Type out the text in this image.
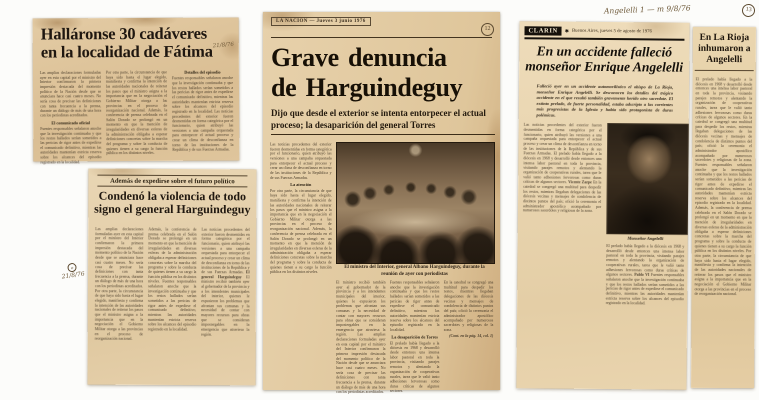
Halláronse 30 cadáveres
en la localidad de Fátima 21/8/76
Las amplias declaraciones formuladas ayer en esta capital por el ministro del Interior confirmaron la primera impresión destacada del momento político de la Nación desde que se anunciara hace casi cuatro meses. No sería cosa de precisar las definiciones con tanta frecuencia a la prensa, durante un diálogo de más de una hora con los periodistas acreditados.
El comunicado oficial
Fuentes responsables señalaron anoche que la investigación continuaba y que los restos hallados serían sometidos a las pericias de rigor antes de expedirse el comunicado definitivo, mientras las autoridades mantenían estricta reserva sobre los alcances del episodio registrado en la localidad.
Por otra parte, la circunstancia de que haya sido hasta el lugar elegido, manifiesta y confirma la intención de las autoridades nacionales de reiterar los pasos que el ministro asigna a la importancia que en la negociación el Gobierno Militar otorga a las provincias en el proceso de reorganización nacional. Además, la conferencia de prensa celebrada en el Salón Dorado se prolongó en un momento en que la mención de irregularidades en diversas esferas de la administración obligaba a esperar definiciones concretas sobre la marcha del programa y sobre la conducta de quienes tienen a su cargo la función pública en los distintos niveles.
Detalles del episodio
Fuentes responsables señalaron anoche que la investigación continuaba y que los restos hallados serían sometidos a las pericias de rigor antes de expedirse el comunicado definitivo, mientras las autoridades mantenían estricta reserva sobre los alcances del episodio registrado en la localidad. Las noticias procedentes del exterior fueron desmentidas en forma categórica por el funcionario, quien atribuyó las versiones a una campaña orquestada para entorpecer el actual proceso y crear un clima de desconfianza en torno de las instituciones de la República y de sus Fuerzas Armadas.
o
21/8/76
Además de expedirse sobre el futuro político
Condenó la violencia de todo
signo el general Harguindeguy
Las amplias declaraciones formuladas ayer en esta capital por el ministro del Interior confirmaron la primera impresión destacada del momento político de la Nación desde que se anunciara hace casi cuatro meses. No sería cosa de precisar las definiciones con tanta frecuencia a la prensa, durante un diálogo de más de una hora con los periodistas acreditados. Por otra parte, la circunstancia de que haya sido hasta el lugar elegido, manifiesta y confirma la intención de las autoridades nacionales de reiterar los pasos que el ministro asigna a la importancia que en la negociación el Gobierno Militar otorga a las provincias en el proceso de reorganización nacional.
Además, la conferencia de prensa celebrada en el Salón Dorado se prolongó en un momento en que la mención de irregularidades en diversas esferas de la administración obligaba a esperar definiciones concretas sobre la marcha del programa y sobre la conducta de quienes tienen a su cargo la función pública en los distintos niveles. Fuentes responsables señalaron anoche que la investigación continuaba y que los restos hallados serían sometidos a las pericias de rigor antes de expedirse el comunicado definitivo, mientras las autoridades mantenían estricta reserva sobre los alcances del episodio registrado en la localidad.
Las noticias procedentes del exterior fueron desmentidas en forma categórica por el funcionario, quien atribuyó las versiones a una campaña orquestada para entorpecer el actual proceso y crear un clima de desconfianza en torno de las instituciones de la República y de sus Fuerzas Armadas. El general Harguindeguy El ministro recibió también ayer al gobernador de la provincia y a los intendentes municipales del interior, quienes le expusieron los problemas que afrontan sus comunas y la necesidad de contar con mayores recursos para obras que se consideran impostergables en la emergencia que atraviesa la región.
LA NACION — Jueves 3 junio 1976
12
Grave denuncia
de Harguindeguy
Dijo que desde el exterior se intenta entorpecer el actual proceso; la desaparición del general Torres
Las noticias procedentes del exterior fueron desmentidas en forma categórica por el funcionario, quien atribuyó las versiones a una campaña orquestada para entorpecer el actual proceso y crear un clima de desconfianza en torno de las instituciones de la República y de sus Fuerzas Armadas.
La atención
Por otra parte, la circunstancia de que haya sido hasta el lugar elegido, manifiesta y confirma la intención de las autoridades nacionales de reiterar los pasos que el ministro asigna a la importancia que en la negociación el Gobierno Militar otorga a las provincias en el proceso de reorganización nacional. Además, la conferencia de prensa celebrada en el Salón Dorado se prolongó en un momento en que la mención de irregularidades en diversas esferas de la administración obligaba a esperar definiciones concretas sobre la marcha del programa y sobre la conducta de quienes tienen a su cargo la función pública en los distintos niveles.
El ministro del Interior, general Albano Harguindeguy, durante la reunión de ayer con periodistas
El ministro recibió también ayer al gobernador de la provincia y a los intendentes municipales del interior, quienes le expusieron los problemas que afrontan sus comunas y la necesidad de contar con mayores recursos para obras que se consideran impostergables en la emergencia que atraviesa la región. Las amplias declaraciones formuladas ayer en esta capital por el ministro del Interior confirmaron la primera impresión destacada del momento político de la Nación desde que se anunciara hace casi cuatro meses. No sería cosa de precisar las definiciones con tanta frecuencia a la prensa, durante un diálogo de más de una hora con los periodistas acreditados.
Fuentes responsables señalaron anoche que la investigación continuaba y que los restos hallados serían sometidos a las pericias de rigor antes de expedirse el comunicado definitivo, mientras las autoridades mantenían estricta reserva sobre los alcances del episodio registrado en la localidad.
La desaparición de Torres
El prelado había llegado a la diócesis en 1968 y desarrolló desde entonces una intensa labor pastoral en toda la provincia, visitando parajes remotos y alentando la organización de cooperativas rurales, tarea que le valió tanto adhesiones fervorosas como duras críticas de algunos sectores.
En la catedral se congregó una multitud para despedir los restos, mientras llegaban delegaciones de las diócesis vecinas y mensajes de condolencia de distintos puntos del país; ofició la ceremonia el administrador apostólico acompañado por numerosos sacerdotes y religiosas de la zona.
(Cont. en la pág. 14, col. 1)
Angelelli 1 — m 9/8/76	13
CLARIN	✱ Buenos Aires, jueves 5 de agosto de 1976
En un accidente falleció
monseñor Enrique Angelelli
Falleció ayer en un accidente automovilístico el obispo de La Rioja, monseñor Enrique Angelelli. Se desconocen los detalles del trágico accidente en el que resultó también gravemente herido otro sacerdote. El extinto prelado, de fuerte personalidad, estaba adscripto a las corrientes más progresistas de la Iglesia y había sido protagonista de duras polémicas.
Las noticias procedentes del exterior fueron desmentidas en forma categórica por el funcionario, quien atribuyó las versiones a una campaña orquestada para entorpecer el actual proceso y crear un clima de desconfianza en torno de las instituciones de la República y de sus Fuerzas Armadas. El prelado había llegado a la diócesis en 1968 y desarrolló desde entonces una intensa labor pastoral en toda la provincia, visitando parajes remotos y alentando la organización de cooperativas rurales, tarea que le valió tanto adhesiones fervorosas como duras críticas de algunos sectores. Vicente Zazpe En la catedral se congregó una multitud para despedir los restos, mientras llegaban delegaciones de las diócesis vecinas y mensajes de condolencia de distintos puntos del país; ofició la ceremonia el administrador apostólico acompañado por numerosos sacerdotes y religiosas de la zona.
Monseñor Angelelli
El prelado había llegado a la diócesis en 1968 y desarrolló desde entonces una intensa labor pastoral en toda la provincia, visitando parajes remotos y alentando la organización de cooperativas rurales, tarea que le valió tanto adhesiones fervorosas como duras críticas de algunos sectores. Pablo VI Fuentes responsables señalaron anoche que la investigación continuaba y que los restos hallados serían sometidos a las pericias de rigor antes de expedirse el comunicado definitivo, mientras las autoridades mantenían estricta reserva sobre los alcances del episodio registrado en la localidad.
En La Rioja inhumaron a Angelelli
El prelado había llegado a la diócesis en 1968 y desarrolló desde entonces una intensa labor pastoral en toda la provincia, visitando parajes remotos y alentando la organización de cooperativas rurales, tarea que le valió tanto adhesiones fervorosas como duras críticas de algunos sectores. En la catedral se congregó una multitud para despedir los restos, mientras llegaban delegaciones de las diócesis vecinas y mensajes de condolencia de distintos puntos del país; ofició la ceremonia el administrador apostólico acompañado por numerosos sacerdotes y religiosas de la zona. Fuentes responsables señalaron anoche que la investigación continuaba y que los restos hallados serían sometidos a las pericias de rigor antes de expedirse el comunicado definitivo, mientras las autoridades mantenían estricta reserva sobre los alcances del episodio registrado en la localidad. Además, la conferencia de prensa celebrada en el Salón Dorado se prolongó en un momento en que la mención de irregularidades en diversas esferas de la administración obligaba a esperar definiciones concretas sobre la marcha del programa y sobre la conducta de quienes tienen a su cargo la función pública en los distintos niveles. Por otra parte, la circunstancia de que haya sido hasta el lugar elegido, manifiesta y confirma la intención de las autoridades nacionales de reiterar los pasos que el ministro asigna a la importancia que en la negociación el Gobierno Militar otorga a las provincias en el proceso de reorganización nacional.
